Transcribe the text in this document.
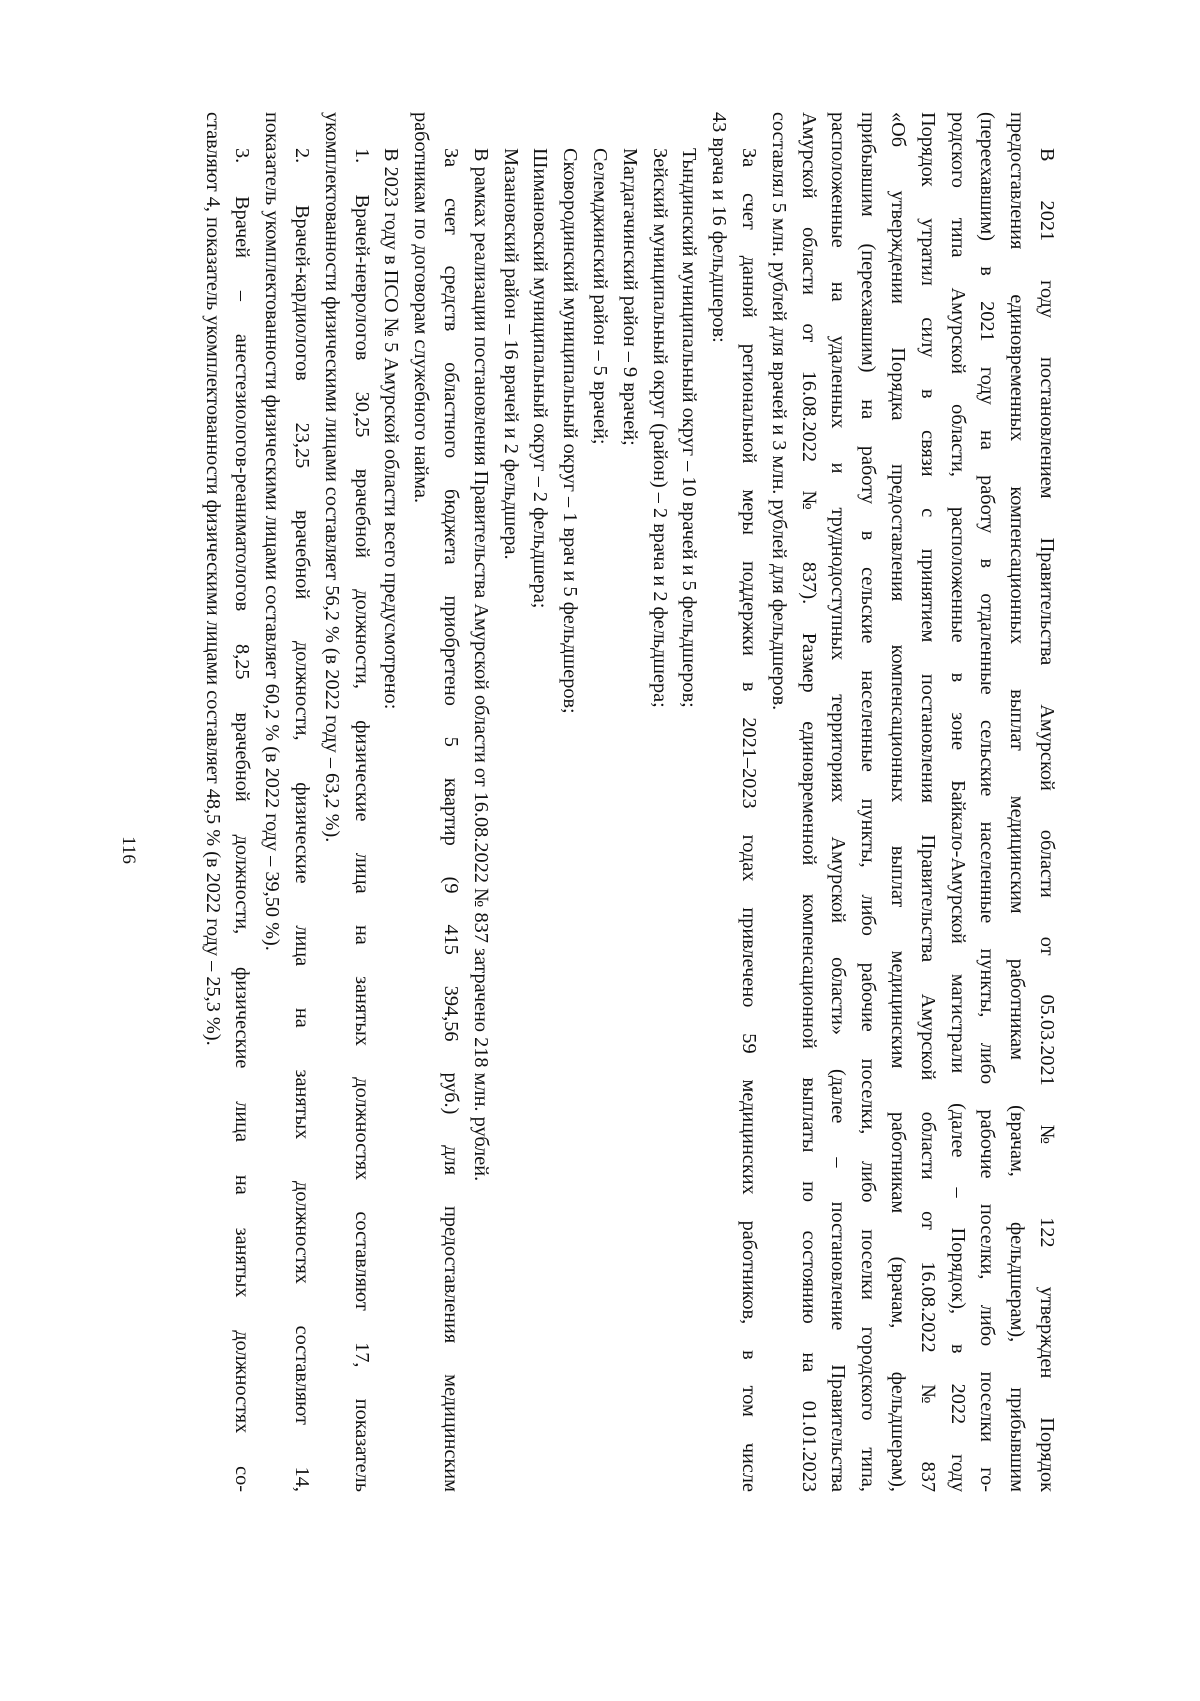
116	В 2021 году постановлением Правительства Амурской области от 05.03.2021 № 122 утвержден Порядок

предоставления единовременных компенсационных выплат медицинским работникам (врачам, фельдшерам), прибывшим

(переехавшим) в 2021 году на работу в отдаленные сельские населенные пункты, либо рабочие поселки, либо поселки го-

родского типа Амурской области, расположенные в зоне Байкало-Амурской магистрали (далее – Порядок), в 2022 году

Порядок утратил силу в связи с принятием постановления Правительства Амурской области от 16.08.2022 № 837

«Об утверждении Порядка предоставления компенсационных выплат медицинским работникам (врачам, фельдшерам),

прибывшим (переехавшим) на работу в сельские населенные пункты, либо рабочие поселки, либо поселки городского типа,

расположенные на удаленных и труднодоступных территориях Амурской области» (далее – постановление Правительства

Амурской области от 16.08.2022 № 837). Размер единовременной компенсационной выплаты по состоянию на 01.01.2023

составлял 5 млн. рублей для врачей и 3 млн. рублей для фельдшеров.

За счет данной региональной меры поддержки в 2021–2023 годах привлечено 59 медицинских работников, в том числе

43 врача и 16 фельдшеров:

Тындинский муниципальный округ – 10 врачей и 5 фельдшеров;

Зейский муниципальный округ (район) – 2 врача и 2 фельдшера;

Магдагачинский район – 9 врачей;

Селемджинский район – 5 врачей;

Сковородинский муниципальный округ – 1 врач и 5 фельдшеров;

Шимановский муниципальный округ – 2 фельдшера;

Мазановский район – 16 врачей и 2 фельдшера.

В рамках реализации постановления Правительства Амурской области от 16.08.2022 № 837 затрачено 218 млн. рублей.

За счет средств областного бюджета приобретено 5 квартир (9 415 394,56 руб.) для предоставления медицинским

работникам по договорам служебного найма.

В 2023 году в ПСО № 5 Амурской области всего предусмотрено:

1. Врачей-неврологов 30,25 врачебной должности, физические лица на занятых должностях составляют 17, показатель

укомплектованности физическими лицами составляет 56,2 % (в 2022 году – 63,2 %).

2. Врачей-кардиологов 23,25 врачебной должности, физические лица на занятых должностях составляют 14,

показатель укомплектованности физическими лицами составляет 60,2 % (в 2022 году – 39,50 %).

3. Врачей – анестезиологов-реаниматологов 8,25 врачебной должности, физические лица на занятых должностях со-

ставляют 4, показатель укомплектованности физическими лицами составляет 48,5 % (в 2022 году – 25,3 %).
